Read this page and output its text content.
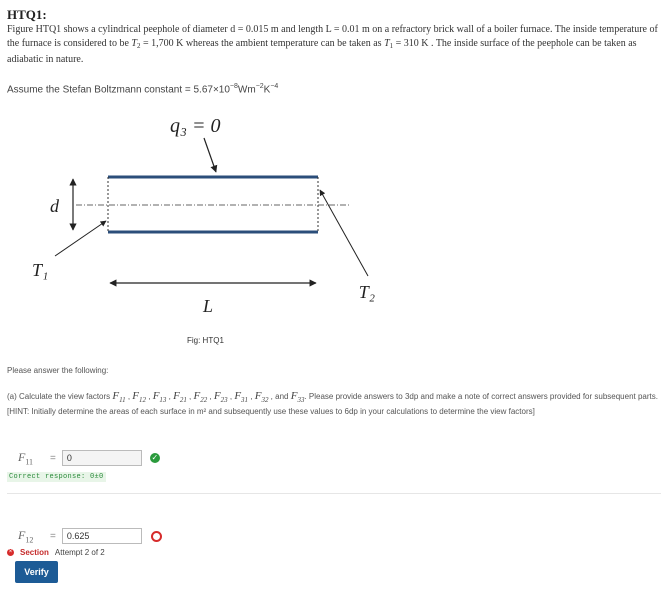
HTQ1:
Figure HTQ1 shows a cylindrical peephole of diameter d = 0.015 m and length L = 0.01 m on a refractory brick wall of a boiler furnace. The inside temperature of the furnace is considered to be $T_2 = 1,700$ K whereas the ambient temperature can be taken as $T_1 = 310$ K . The inside surface of the peephole can be taken as adiabatic in nature.
Assume the Stefan Boltzmann constant = $5.67\times 10^{-8}Wm^{-2}K^{-4}$
q₃ = 0
d
T₁
T₂
L
Fig: HTQ1
Please answer the following:
(a) Calculate the view factors $F_{11}$ , $F_{12}$ , $F_{13}$ , $F_{21}$ , $F_{22}$ , $F_{23}$ , $F_{31}$ , $F_{32}$ , and $F_{33}$. Please provide answers to 3dp and make a note of correct answers provided for subsequent parts. [HINT: Initially determine the areas of each surface in m² and subsequently use these values to 6dp in your calculations to determine the view factors]
$F_{11}$	=	0	✓
Correct response: 0±0
$F_{12}$	=	0.625
× Section Attempt 2 of 2
Verify
